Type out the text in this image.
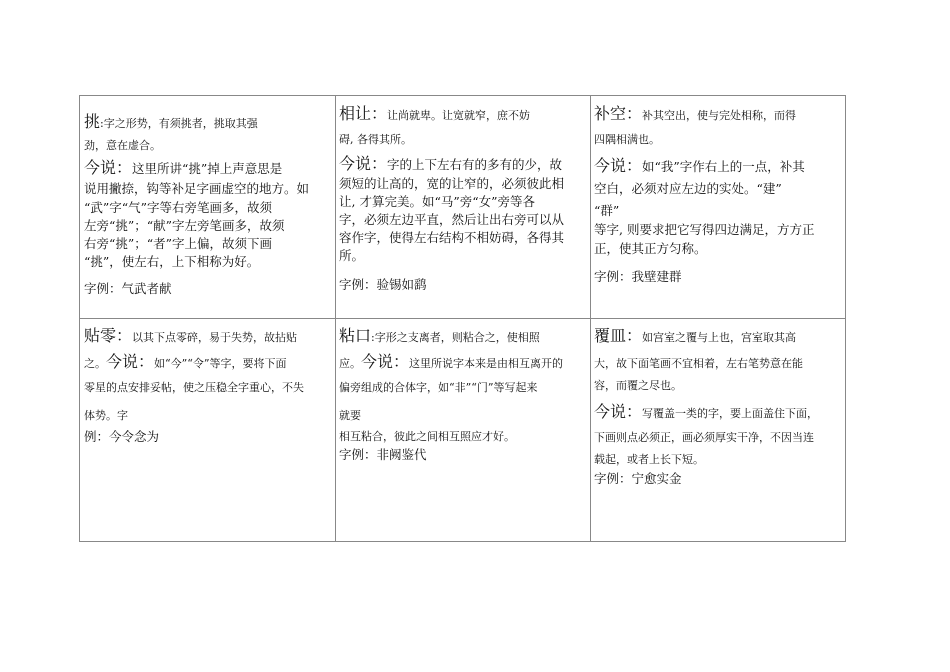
挑:字之形势，有须挑者，挑取其强

劲，意在虚合。

今说：这里所讲“挑”掉上声意思是

说用撇捺，钩等补足字画虚空的地方。如

“武”字“气”字等右旁笔画多，故须

左旁“挑”；“献”字左旁笔画多，故须

右旁“挑”；“者”字上偏，故须下画

“挑”，使左右，上下相称为好。

字例：气武者献

相让：让尚就卑。让宽就窄，庶不妨

碍, 各得其所。

今说：字的上下左右有的多有的少，故

须短的让高的，宽的让窄的，必须彼此相

让, 才算完美。如“马”旁“女”旁等各

字，必须左边平直，然后让出右旁可以从

容作字，使得左右结构不相妨碍，各得其

所。

字例：验锡如鹞

补空：补其空出，使与完处相称，而得

四隅相满也。

今说：如“我”字作右上的一点，补其

空白，必须对应左边的实处。“建”

“群”

等字, 则要求把它写得四边满足，方方正

正，使其正方匀称。

字例：我壁建群

贴零：以其下点零碎，易于失势，故拈贴

之。今说：如“今”“令”等字，要将下面

零星的点安排妥帖，使之压稳全字重心，不失

体势。字

例：今令念为

粘口:字形之支离者，则粘合之，使相照

应。今说：这里所说字本来是由相互离开的

偏旁组成的合体字，如“非”“门”等写起来

就要

相互粘合，彼此之间相互照应才好。

字例：非阙鉴代

覆皿：如宫室之覆与上也，宫室取其高

大，故下面笔画不宜相着，左右笔势意在能

容，而覆之尽也。

今说：写覆盖一类的字，要上面盖住下面，

下画则点必须正，画必须厚实干净，不因当连

载起，或者上长下短。

字例：宁愈实金
